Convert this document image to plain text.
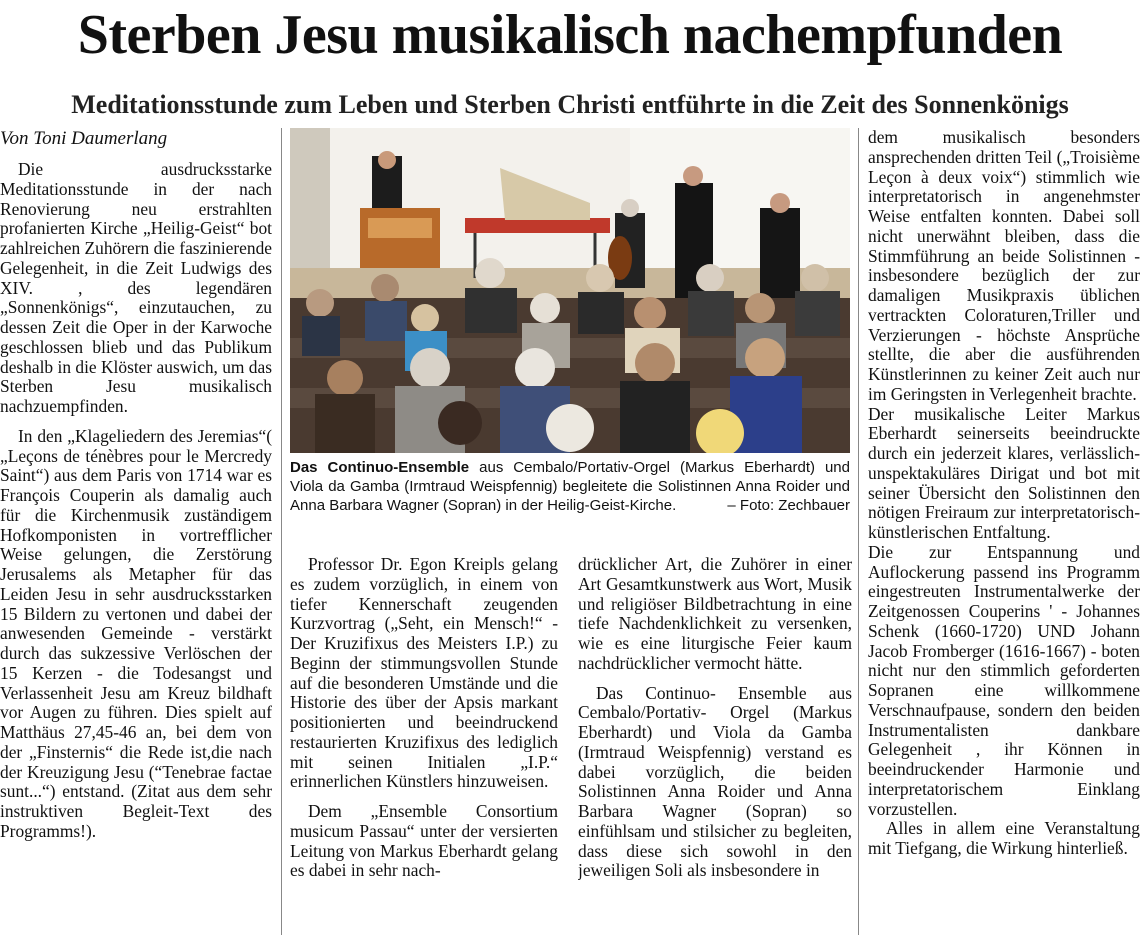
Sterben Jesu musikalisch nachempfunden
Meditationsstunde zum Leben und Sterben Christi entführte in die Zeit des Sonnenkönigs
Von Toni Daumerlang

Die ausdrucksstarke Meditationsstunde in der nach Renovierung neu erstrahlten profanierten Kirche „Heilig-Geist“ bot zahlreichen Zuhörern die faszinierende Gelegenheit, in die Zeit Ludwigs des XIV. , des legendären „Sonnenkönigs“, einzutauchen, zu dessen Zeit die Oper in der Karwoche geschlossen blieb und das Publikum deshalb in die Klöster auswich, um das Sterben Jesu musikalisch nachzuempfinden.

In den „Klageliedern des Jeremias“( „Leçons de ténèbres pour le Mercredy Saint“) aus dem Paris von 1714 war es François Couperin als damalig auch für die Kirchenmusik zuständigem Hofkomponisten in vortrefflicher Weise gelungen, die Zerstörung Jerusalems als Metapher für das Leiden Jesu in sehr ausdrucksstarken 15 Bildern zu vertonen und dabei der anwesenden Gemeinde - verstärkt durch das sukzessive Verlöschen der 15 Kerzen - die Todesangst und Verlassenheit Jesu am Kreuz bildhaft vor Augen zu führen. Dies spielt auf Matthäus 27,45-46 an, bei dem von der „Finsternis“ die Rede ist,die nach der Kreuzigung Jesu (“Tenebrae factae sunt...“) entstand. (Zitat aus dem sehr instruktiven Begleit-Text des Programms!).

Das Continuo-Ensemble aus Cembalo/Portativ-Orgel (Markus Eberhardt) und Viola da Gamba (Irmtraud Weispfennig) begleitete die Solistinnen Anna Roider und Anna Barbara Wagner (Sopran) in der Heilig-Geist-Kirche.	– Foto: Zechbauer

Professor Dr. Egon Kreipls gelang es zudem vorzüglich, in einem von tiefer Kennerschaft zeugenden Kurzvortrag („Seht, ein Mensch!“ - Der Kruzifixus des Meisters I.P.) zu Beginn der stimmungsvollen Stunde auf die besonderen Umstände und die Historie des über der Apsis markant positionierten und beeindruckend restaurierten Kruzifixus des lediglich mit seinen Initialen „I.P.“ erinnerlichen Künstlers hinzuweisen.

Dem „Ensemble Consortium musicum Passau“ unter der versierten Leitung von Markus Eberhardt gelang es dabei in sehr nach-

drücklicher Art, die Zuhörer in einer Art Gesamtkunstwerk aus Wort, Musik und religiöser Bildbetrachtung in eine tiefe Nachdenklichkeit zu versenken, wie es eine liturgische Feier kaum nachdrücklicher vermocht hätte.

Das Continuo- Ensemble aus Cembalo/Portativ- Orgel (Markus Eberhardt) und Viola da Gamba (Irmtraud Weispfennig) verstand es dabei vorzüglich, die beiden Solistinnen Anna Roider und Anna Barbara Wagner (Sopran) so einfühlsam und stilsicher zu begleiten, dass diese sich sowohl in den jeweiligen Soli als insbesondere in

dem musikalisch besonders ansprechenden dritten Teil („Troisième Leçon à deux voix“) stimmlich wie interpretatorisch in angenehmster Weise entfalten konnten. Dabei soll nicht unerwähnt bleiben, dass die Stimmführung an beide Solistinnen - insbesondere bezüglich der zur damaligen Musikpraxis üblichen vertrackten Coloraturen,Triller und Verzierungen - höchste Ansprüche stellte, die aber die ausführenden Künstlerinnen zu keiner Zeit auch nur im Geringsten in Verlegenheit brachte.

Der musikalische Leiter Markus Eberhardt seinerseits beeindruckte durch ein jederzeit klares, verlässlich-unspektakuläres Dirigat und bot mit seiner Übersicht den Solistinnen den nötigen Freiraum zur interpretatorisch- künstlerischen Entfaltung.

Die zur Entspannung und Auflockerung passend ins Programm eingestreuten Instrumentalwerke der Zeitgenossen Couperins ' - Johannes Schenk (1660-1720) UND Johann Jacob Fromberger (1616-1667) - boten nicht nur den stimmlich geforderten Sopranen eine willkommene Verschnaufpause, sondern den beiden Instrumentalisten dankbare Gelegenheit , ihr Können in beeindruckender Harmonie und interpretatorischem Einklang vorzustellen.

Alles in allem eine Veranstaltung mit Tiefgang, die Wirkung hinterließ.
